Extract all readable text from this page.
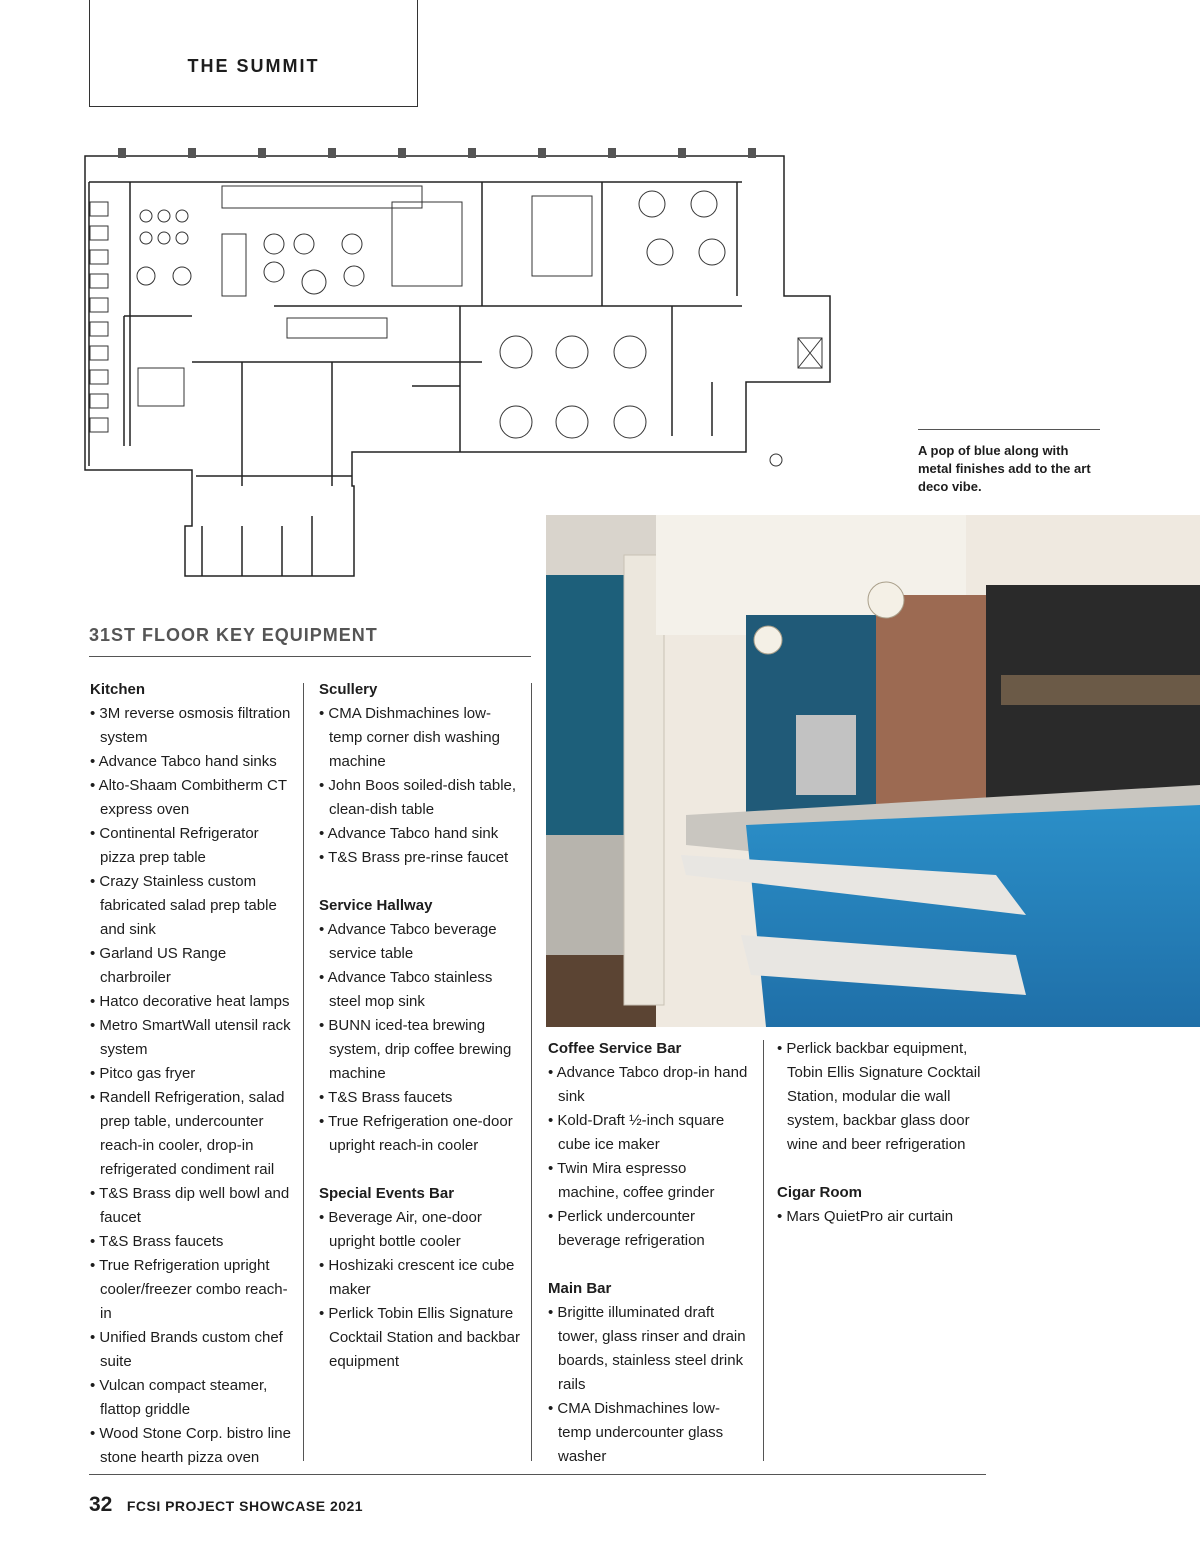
THE SUMMIT
A pop of blue along with metal finishes add to the art deco vibe.
31ST FLOOR KEY EQUIPMENT
Kitchen
• 3M reverse osmosis filtration system
• Advance Tabco hand sinks
• Alto-Shaam Combitherm CT express oven
• Continental Refrigerator pizza prep table
• Crazy Stainless custom fabricated salad prep table and sink
• Garland US Range charbroiler
• Hatco decorative heat lamps
• Metro SmartWall utensil rack system
• Pitco gas fryer
• Randell Refrigeration, salad prep table, undercounter reach-in cooler, drop-in refrigerated condiment rail
• T&S Brass dip well bowl and faucet
• T&S Brass faucets
• True Refrigeration upright cooler/freezer combo reach-in
• Unified Brands custom chef suite
• Vulcan compact steamer, flattop griddle
• Wood Stone Corp. bistro line stone hearth pizza oven
Scullery
• CMA Dishmachines low-temp corner dish washing machine
• John Boos soiled-dish table, clean-dish table
• Advance Tabco hand sink
• T&S Brass pre-rinse faucet
Service Hallway
• Advance Tabco beverage service table
• Advance Tabco stainless steel mop sink
• BUNN iced-tea brewing system, drip coffee brewing machine
• T&S Brass faucets
• True Refrigeration one-door upright reach-in cooler
Special Events Bar
• Beverage Air, one-door upright bottle cooler
• Hoshizaki crescent ice cube maker
• Perlick Tobin Ellis Signature Cocktail Station and backbar equipment
Coffee Service Bar
• Advance Tabco drop-in hand sink
• Kold-Draft ½-inch square cube ice maker
• Twin Mira espresso machine, coffee grinder
• Perlick undercounter beverage refrigeration
Main Bar
• Brigitte illuminated draft tower, glass rinser and drain boards, stainless steel drink rails
• CMA Dishmachines low-temp undercounter glass washer
• Perlick backbar equipment, Tobin Ellis Signature Cocktail Station, modular die wall system, backbar glass door wine and beer refrigeration
Cigar Room
• Mars QuietPro air curtain
32 FCSI PROJECT SHOWCASE 2021
